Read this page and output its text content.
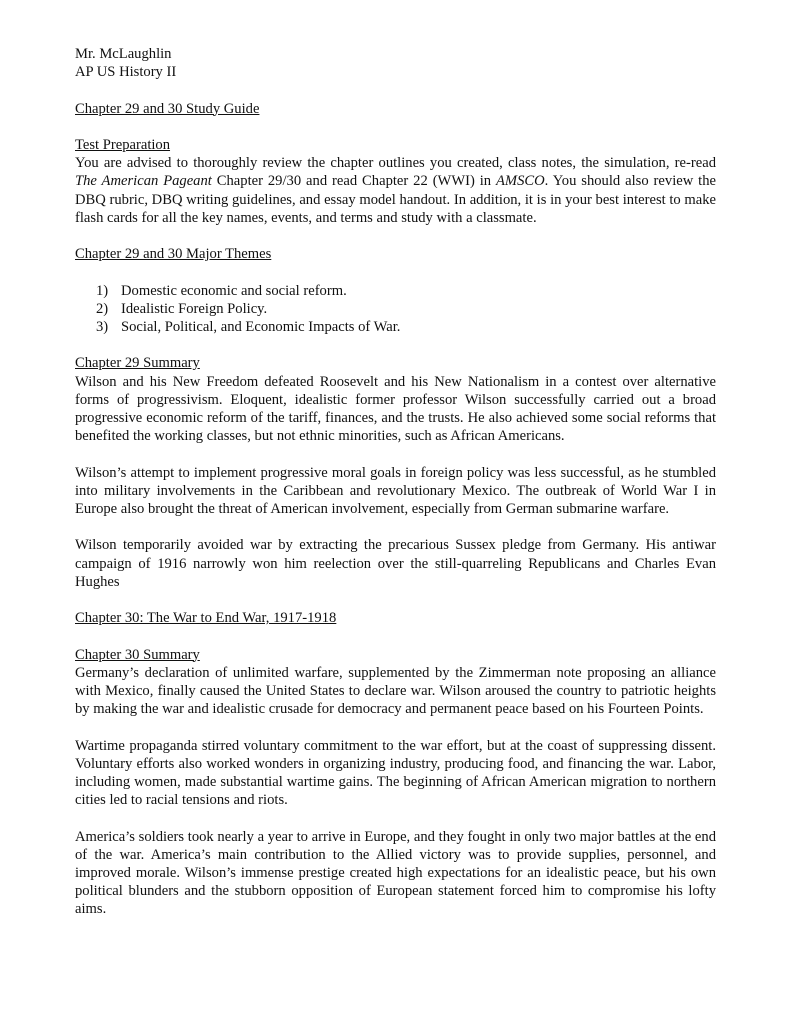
Mr. McLaughlin

AP US History II

Chapter 29 and 30 Study Guide

Test Preparation

You are advised to thoroughly review the chapter outlines you created, class notes, the simulation, re-read The American Pageant Chapter 29/30 and read Chapter 22 (WWI) in AMSCO. You should also review the DBQ rubric, DBQ writing guidelines, and essay model handout. In addition, it is in your best interest to make flash cards for all the key names, events, and terms and study with a classmate.

Chapter 29 and 30 Major Themes

1) Domestic economic and social reform.
2) Idealistic Foreign Policy.
3) Social, Political, and Economic Impacts of War.

Chapter 29 Summary

Wilson and his New Freedom defeated Roosevelt and his New Nationalism in a contest over alternative forms of progressivism. Eloquent, idealistic former professor Wilson successfully carried out a broad progressive economic reform of the tariff, finances, and the trusts. He also achieved some social reforms that benefited the working classes, but not ethnic minorities, such as African Americans.

Wilson’s attempt to implement progressive moral goals in foreign policy was less successful, as he stumbled into military involvements in the Caribbean and revolutionary Mexico. The outbreak of World War I in Europe also brought the threat of American involvement, especially from German submarine warfare.

Wilson temporarily avoided war by extracting the precarious Sussex pledge from Germany. His antiwar campaign of 1916 narrowly won him reelection over the still-quarreling Republicans and Charles Evan Hughes

Chapter 30: The War to End War, 1917-1918

Chapter 30 Summary

Germany’s declaration of unlimited warfare, supplemented by the Zimmerman note proposing an alliance with Mexico, finally caused the United States to declare war. Wilson aroused the country to patriotic heights by making the war and idealistic crusade for democracy and permanent peace based on his Fourteen Points.

Wartime propaganda stirred voluntary commitment to the war effort, but at the coast of suppressing dissent. Voluntary efforts also worked wonders in organizing industry, producing food, and financing the war. Labor, including women, made substantial wartime gains. The beginning of African American migration to northern cities led to racial tensions and riots.

America’s soldiers took nearly a year to arrive in Europe, and they fought in only two major battles at the end of the war. America’s main contribution to the Allied victory was to provide supplies, personnel, and improved morale. Wilson’s immense prestige created high expectations for an idealistic peace, but his own political blunders and the stubborn opposition of European statement forced him to compromise his lofty aims.
